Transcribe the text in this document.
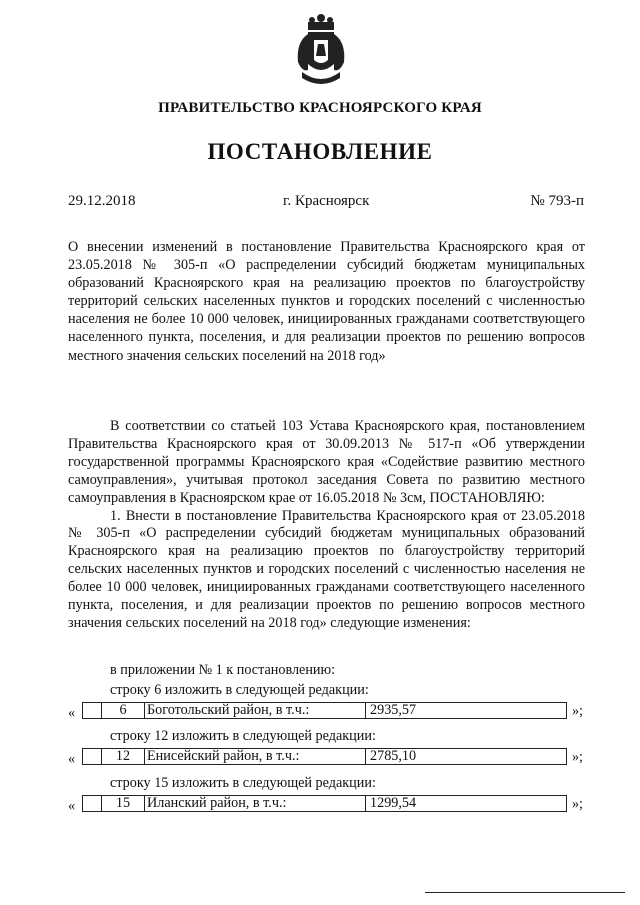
ПРАВИТЕЛЬСТВО КРАСНОЯРСКОГО КРАЯ
ПОСТАНОВЛЕНИЕ
29.12.2018	г. Красноярск	№ 793-п
О внесении изменений в постановление Правительства Красноярского края от 23.05.2018 № 305-п «О распределении субсидий бюджетам муниципальных образований Красноярского края на реализацию проектов по благоустройству территорий сельских населенных пунктов и городских поселений с численностью населения не более 10 000 человек, инициированных гражданами соответствующего населенного пункта, поселения, и для реализации проектов по решению вопросов местного значения сельских поселений на 2018 год»

В соответствии со статьей 103 Устава Красноярского края, постановлением Правительства Красноярского края от 30.09.2013 № 517-п «Об утверждении государственной программы Красноярского края «Содействие развитию местного самоуправления», учитывая протокол заседания Совета по развитию местного самоуправления в Красноярском крае от 16.05.2018 № 3см, ПОСТАНОВЛЯЮ:

1. Внести в постановление Правительства Красноярского края от 23.05.2018 № 305-п «О распределении субсидий бюджетам муниципальных образований Красноярского края на реализацию проектов по благоустройству территорий сельских населенных пунктов и городских поселений с численностью населения не более 10 000 человек, инициированных гражданами соответствующего населенного пункта, поселения, и для реализации проектов по решению вопросов местного значения сельских поселений на 2018 год» следующие изменения:

в приложении № 1 к постановлению:
строку 6 изложить в следующей редакции:
«	6	Боготольский район, в т.ч.:	2935,57	»;
строку 12 изложить в следующей редакции:
«	12	Енисейский район, в т.ч.:	2785,10	»;
строку 15 изложить в следующей редакции:
«	15	Иланский район, в т.ч.:	1299,54	»;
